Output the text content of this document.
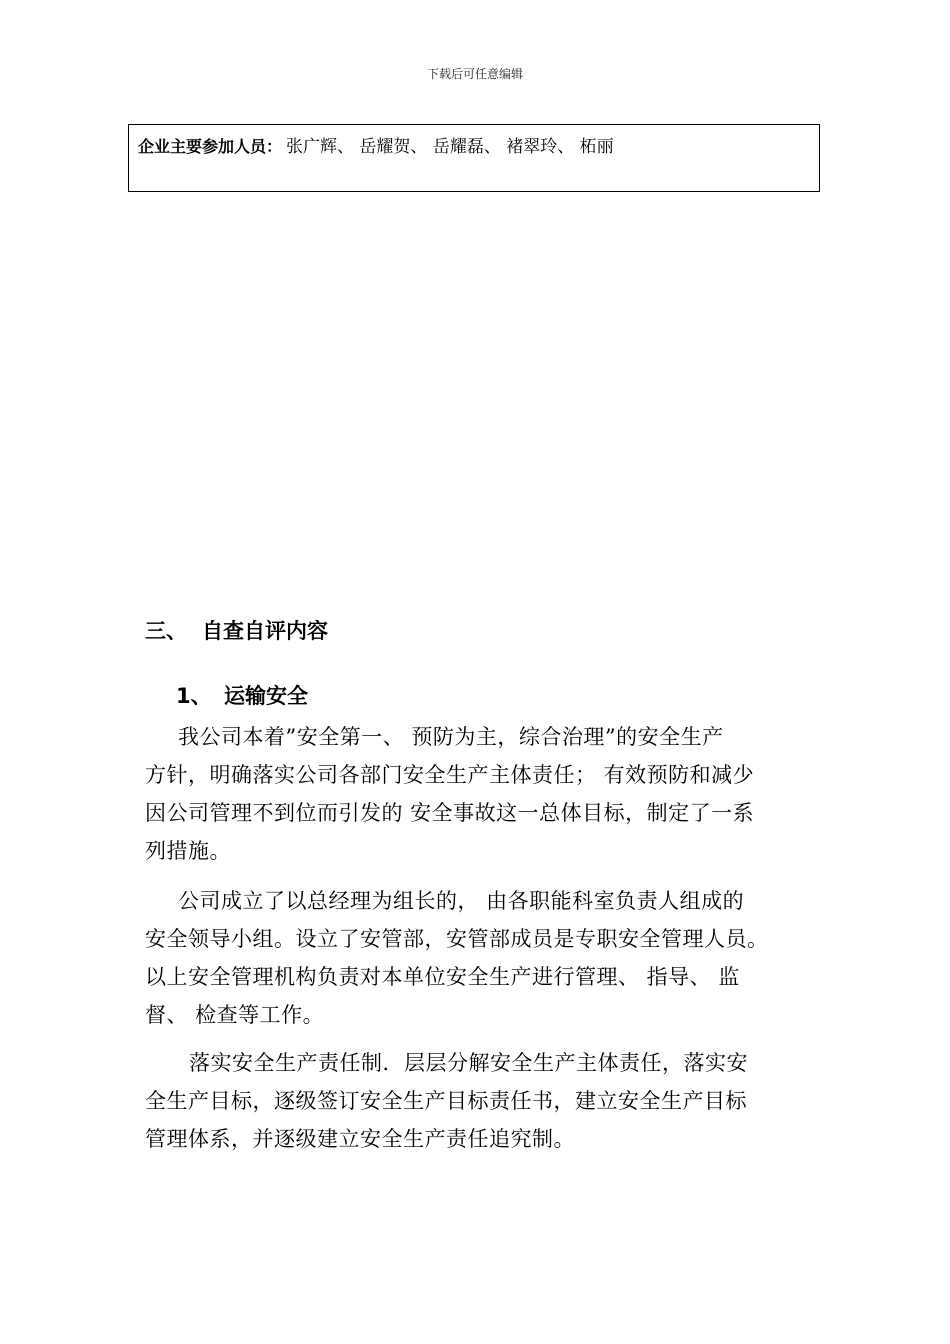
下载后可任意编辑
企业主要参加人员： 张广辉、 岳耀贺、 岳耀磊、 褚翠玲、 柘丽
三、 自查自评内容
1、 运输安全
我公司本着”安全第一、 预防为主，综合治理”的安全生产
方针，明确落实公司各部门安全生产主体责任； 有效预防和减少
因公司管理不到位而引发的 安全事故这一总体目标，制定了一系
列措施。
公司成立了以总经理为组长的， 由各职能科室负责人组成的
安全领导小组。设立了安管部，安管部成员是专职安全管理人员。
以上安全管理机构负责对本单位安全生产进行管理、 指导、 监
督、 检查等工作。
落实安全生产责任制．层层分解安全生产主体责任，落实安
全生产目标，逐级签订安全生产目标责任书，建立安全生产目标
管理体系，并逐级建立安全生产责任追究制。
